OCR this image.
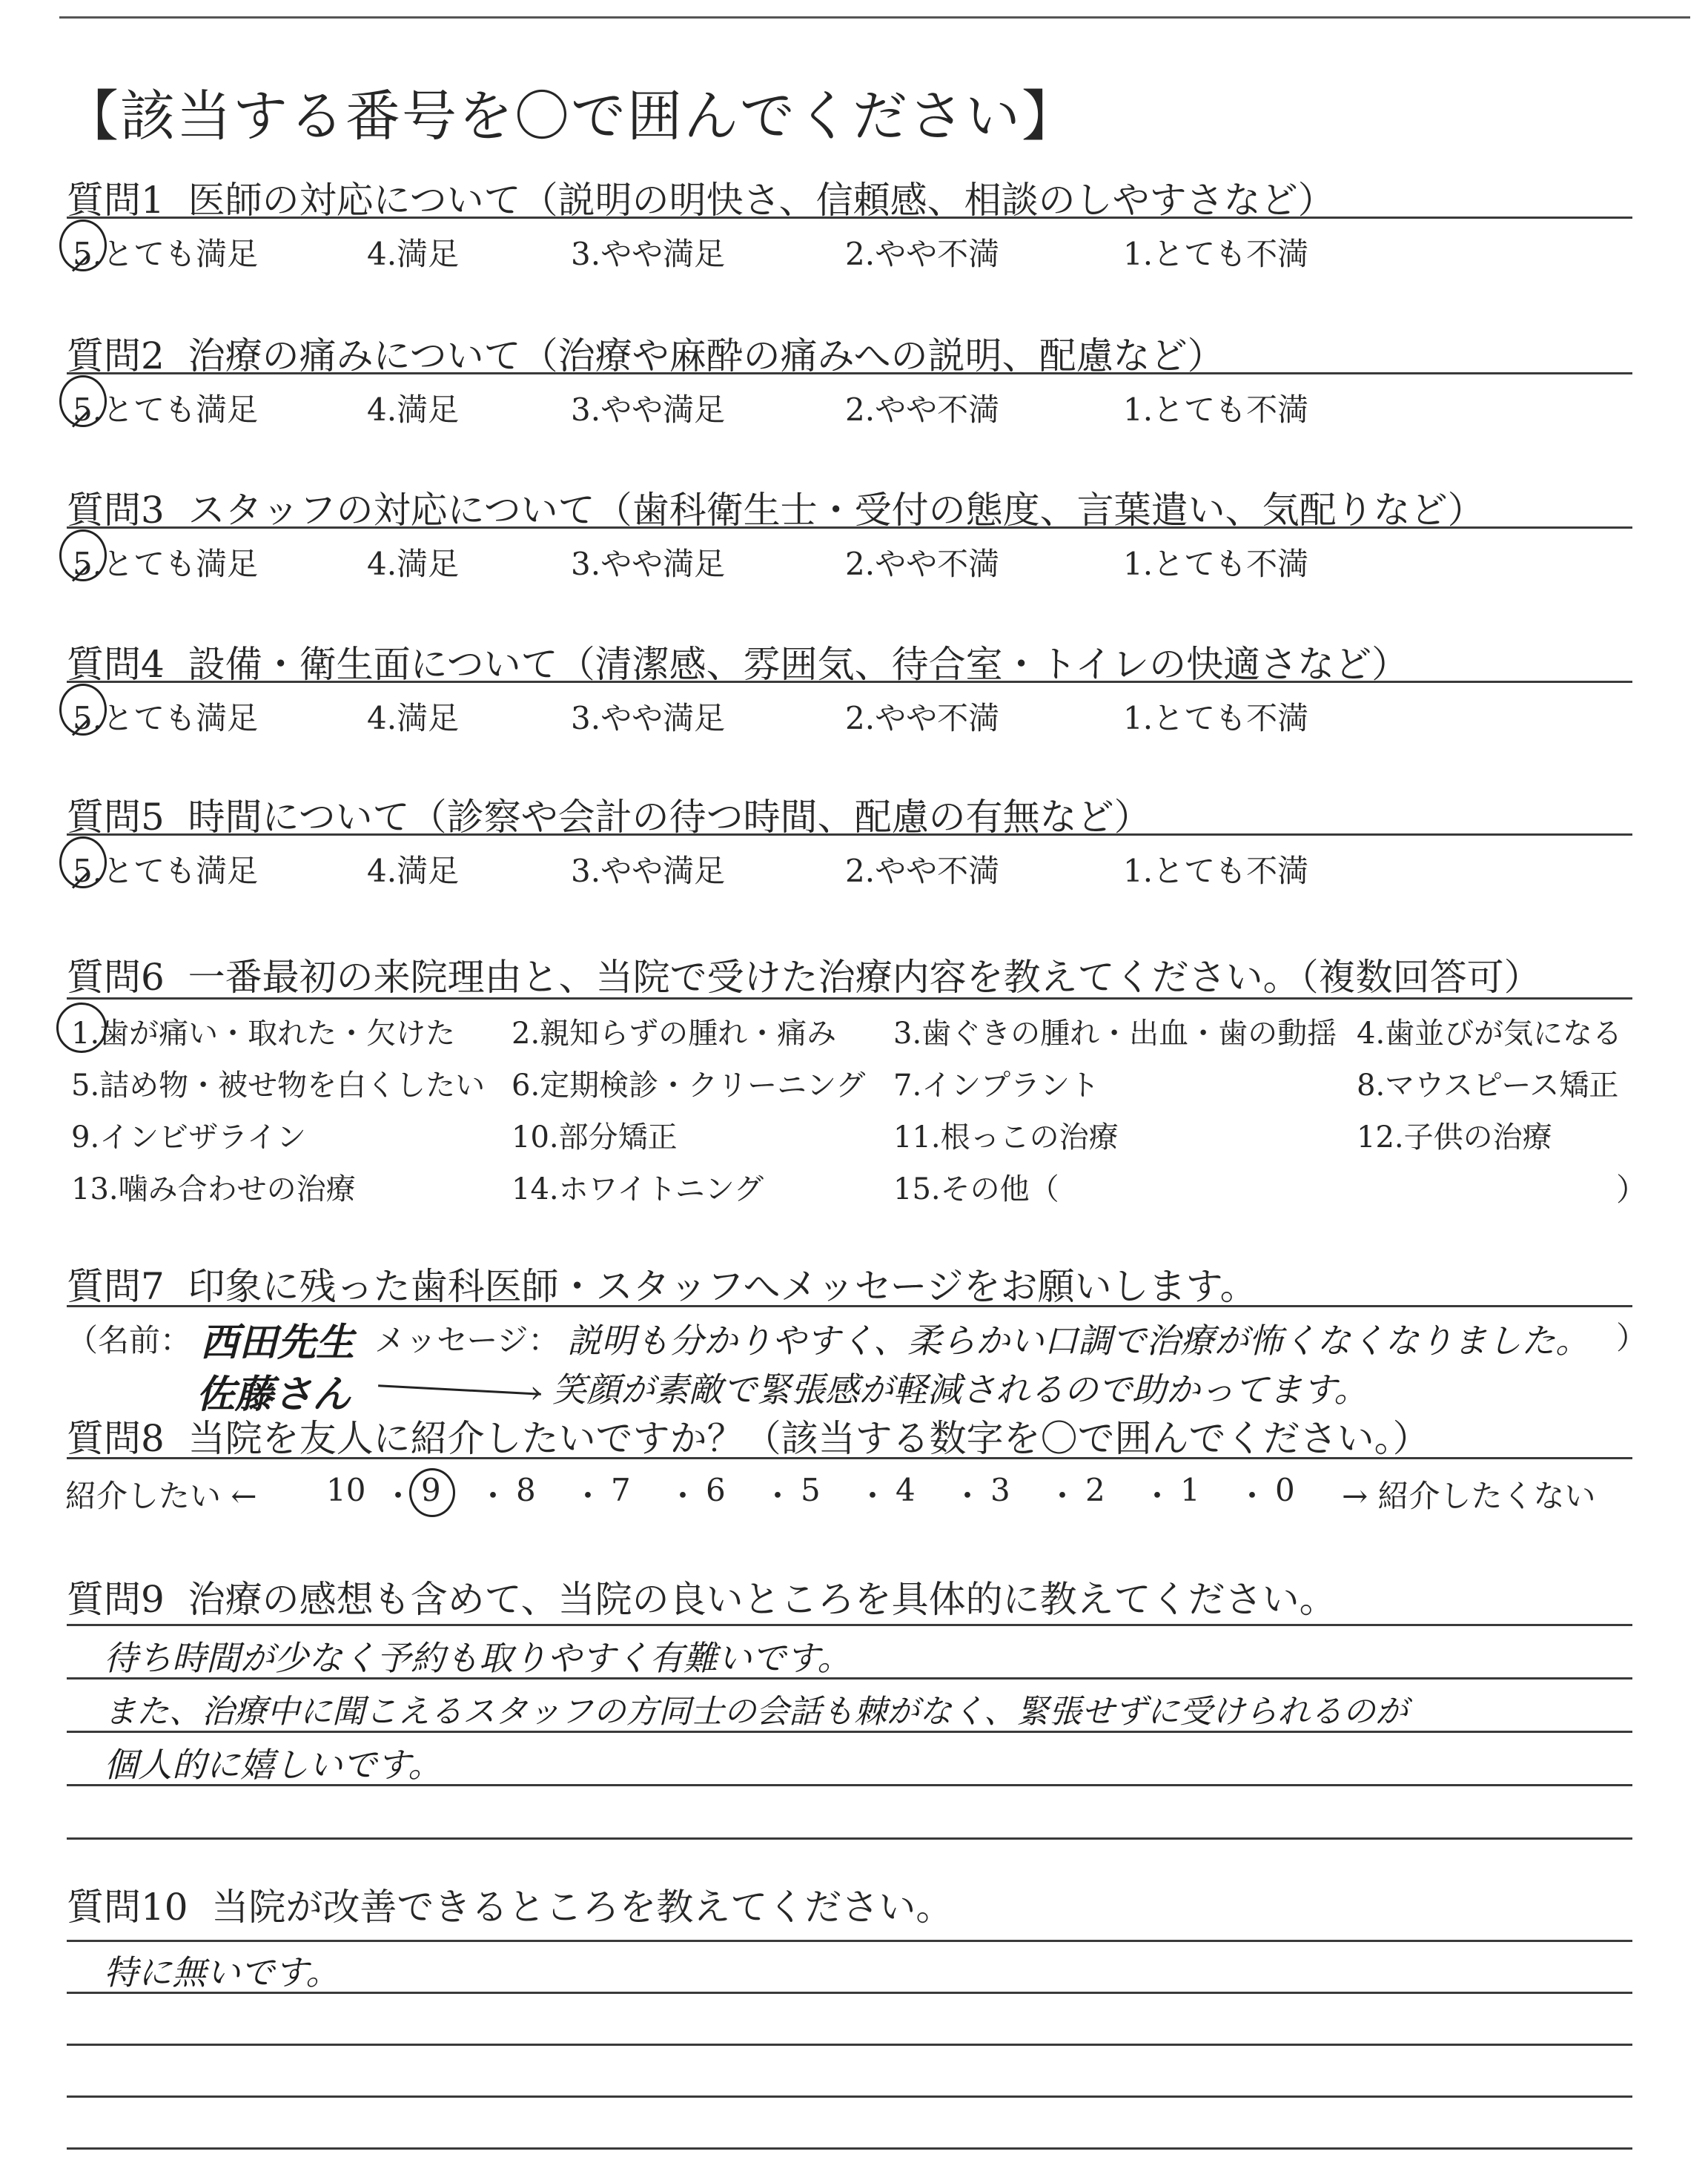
【該当する番号を〇で囲んでください】
質問1 医師の対応について（説明の明快さ、信頼感、相談のしやすさなど）
5.とても満足	4.満足	3.やや満足	2.やや不満	1.とても不満
質問2 治療の痛みについて（治療や麻酔の痛みへの説明、配慮など）
5.とても満足	4.満足	3.やや満足	2.やや不満	1.とても不満
質問3 スタッフの対応について（歯科衛生士・受付の態度、言葉遣い、気配りなど）
5.とても満足	4.満足	3.やや満足	2.やや不満	1.とても不満
質問4 設備・衛生面について（清潔感、雰囲気、待合室・トイレの快適さなど）
5.とても満足	4.満足	3.やや満足	2.やや不満	1.とても不満
質問5 時間について（診察や会計の待つ時間、配慮の有無など）
5.とても満足	4.満足	3.やや満足	2.やや不満	1.とても不満
質問6 一番最初の来院理由と、当院で受けた治療内容を教えてください。（複数回答可）
1.歯が痛い・取れた・欠けた 2.親知らずの腫れ・痛み 3.歯ぐきの腫れ・出血・歯の動揺 4.歯並びが気になる
5.詰め物・被せ物を白くしたい 6.定期検診・クリーニング 7.インプラント	8.マウスピース矯正
9.インビザライン	10.部分矯正	11.根っこの治療	12.子供の治療
13.噛み合わせの治療	14.ホワイトニング	15.その他（	）
質問7 印象に残った歯科医師・スタッフへメッセージをお願いします。
（名前： 西田先生 メッセージ： 説明も分かりやすく、柔らかい口調で治療が怖くなくなりました。 ）
佐藤さん	› 笑顔が素敵で緊張感が軽減されるので助かってます。
質問8 当院を友人に紹介したいですか？（該当する数字を〇で囲んでください。）
紹介したい ← 10 ・ 9 ・ 8 ・ 7 ・ 6 ・ 5 ・ 4 ・ 3 ・ 2 ・ 1 ・ 0 → 紹介したくない
質問9 治療の感想も含めて、当院の良いところを具体的に教えてください。
待ち時間が少なく予約も取りやすく有難いです。
また、治療中に聞こえるスタッフの方同士の会話も棘がなく、緊張せずに受けられるのが
個人的に嬉しいです。
質問10 当院が改善できるところを教えてください。
特に無いです。
